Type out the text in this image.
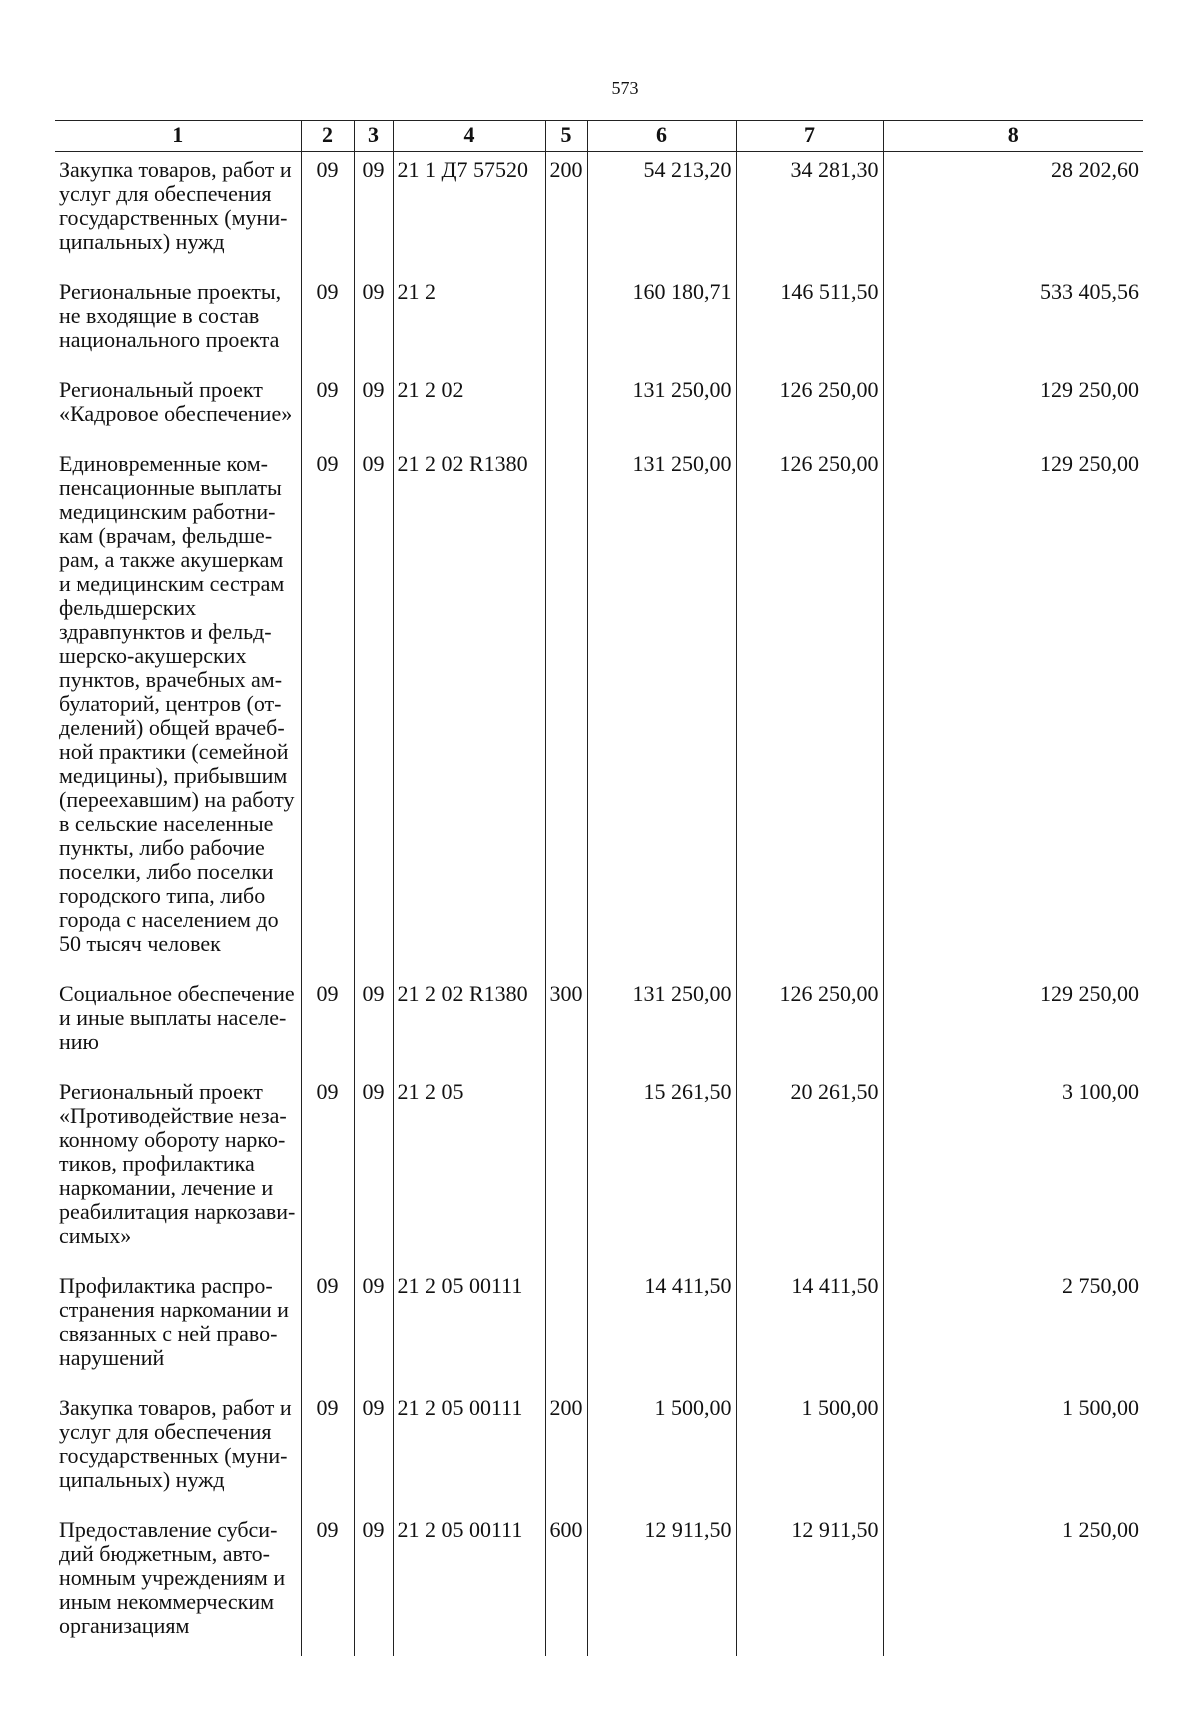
573
1	2	3	4	5	6	7	8
Закупка товаров, работ и услуг для обеспечения государственных (муни-ципальных) нужд	09	09	21 1 Д7 57520	200	54 213,20	34 281,30	28 202,60
Региональные проекты, не входящие в состав национального проекта	09	09	21 2		160 180,71	146 511,50	533 405,56
Региональный проект «Кадровое обеспечение»	09	09	21 2 02		131 250,00	126 250,00	129 250,00
Единовременные ком-пенсационные выплаты медицинским работни-кам (врачам, фельдше-рам, а также акушеркам и медицинским сестрам фельдшерских здравпунктов и фельд-шерско-акушерских пунктов, врачебных ам-булаторий, центров (от-делений) общей врачеб-ной практики (семейной медицины), прибывшим (переехавшим) на работу в сельские населенные пункты, либо рабочие поселки, либо поселки городского типа, либо города с населением до 50 тысяч человек	09	09	21 2 02 R1380		131 250,00	126 250,00	129 250,00
Социальное обеспечение и иные выплаты населе-нию	09	09	21 2 02 R1380	300	131 250,00	126 250,00	129 250,00
Региональный проект «Противодействие неза-конному обороту нарко-тиков, профилактика наркомании, лечение и реабилитация наркозави-симых»	09	09	21 2 05		15 261,50	20 261,50	3 100,00
Профилактика распро-странения наркомании и связанных с ней право-нарушений	09	09	21 2 05 00111		14 411,50	14 411,50	2 750,00
Закупка товаров, работ и услуг для обеспечения государственных (муни-ципальных) нужд	09	09	21 2 05 00111	200	1 500,00	1 500,00	1 500,00
Предоставление субси-дий бюджетным, авто-номным учреждениям и иным некоммерческим организациям	09	09	21 2 05 00111	600	12 911,50	12 911,50	1 250,00
